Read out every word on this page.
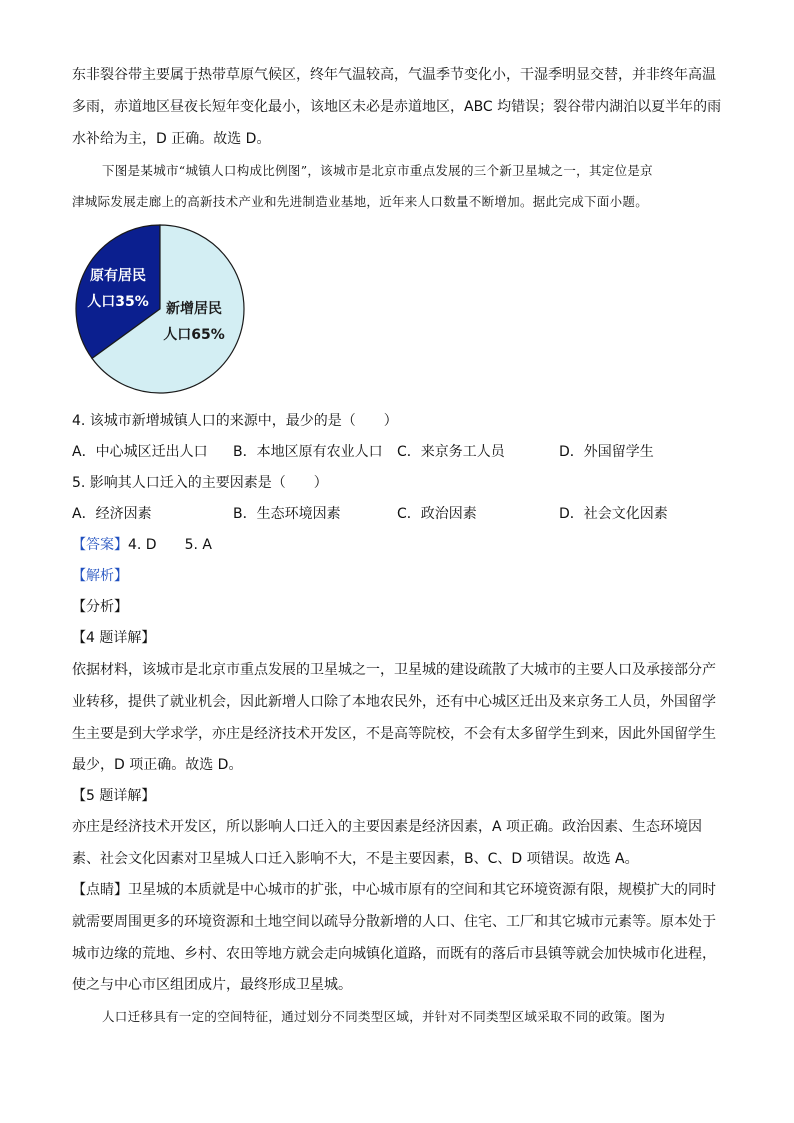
东非裂谷带主要属于热带草原气候区，终年气温较高，气温季节变化小，干湿季明显交替，并非终年高温
多雨，赤道地区昼夜长短年变化最小，该地区未必是赤道地区，ABC 均错误；裂谷带内湖泊以夏半年的雨
水补给为主，D 正确。故选 D。
下图是某城市“城镇人口构成比例图”，该城市是北京市重点发展的三个新卫星城之一，其定位是京
津城际发展走廊上的高新技术产业和先进制造业基地，近年来人口数量不断增加。据此完成下面小题。
原有居民
人口35% 新增居民
人口65%
4. 该城市新增城镇人口的来源中，最少的是（　　）
A．中心城区迁出人口 B．本地区原有农业人口 C．来京务工人员	D．外国留学生
5. 影响其人口迁入的主要因素是（　　）
A．经济因素	B．生态环境因素	C．政治因素	D．社会文化因素
【答案】4. D　　5. A
【解析】
【分析】
【4 题详解】
依据材料，该城市是北京市重点发展的卫星城之一，卫星城的建设疏散了大城市的主要人口及承接部分产
业转移，提供了就业机会，因此新增人口除了本地农民外，还有中心城区迁出及来京务工人员，外国留学
生主要是到大学求学，亦庄是经济技术开发区，不是高等院校，不会有太多留学生到来，因此外国留学生
最少，D 项正确。故选 D。
【5 题详解】
亦庄是经济技术开发区，所以影响人口迁入的主要因素是经济因素，A 项正确。政治因素、生态环境因
素、社会文化因素对卫星城人口迁入影响不大，不是主要因素，B、C、D 项错误。故选 A。
【点睛】卫星城的本质就是中心城市的扩张，中心城市原有的空间和其它环境资源有限，规模扩大的同时
就需要周围更多的环境资源和土地空间以疏导分散新增的人口、住宅、工厂和其它城市元素等。原本处于
城市边缘的荒地、乡村、农田等地方就会走向城镇化道路，而既有的落后市县镇等就会加快城市化进程，
使之与中心市区组团成片，最终形成卫星城。
人口迁移具有一定的空间特征，通过划分不同类型区域，并针对不同类型区域采取不同的政策。图为
